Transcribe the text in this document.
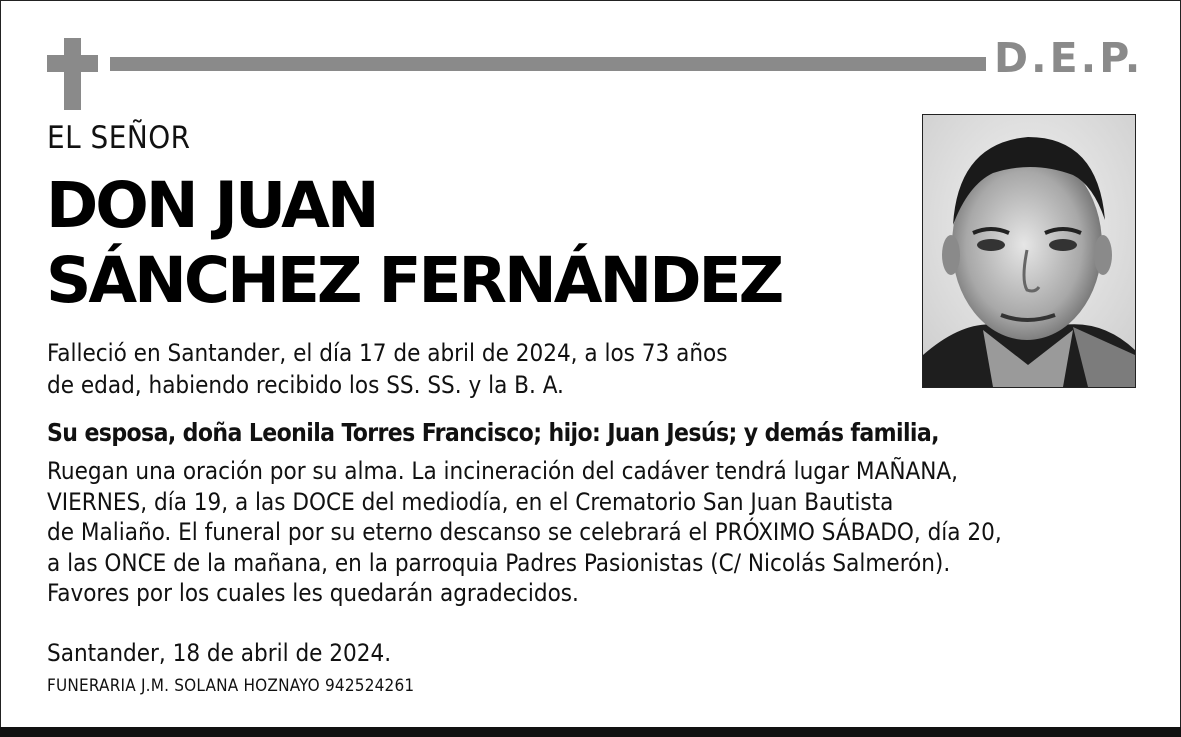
D.E.P.
EL SEÑOR
DON JUAN
SÁNCHEZ FERNÁNDEZ
Falleció en Santander, el día 17 de abril de 2024, a los 73 años
de edad, habiendo recibido los SS. SS. y la B. A.
Su esposa, doña Leonila Torres Francisco; hijo: Juan Jesús; y demás familia,
Ruegan una oración por su alma. La incineración del cadáver tendrá lugar MAÑANA,
VIERNES, día 19, a las DOCE del mediodía, en el Crematorio San Juan Bautista
de Maliaño. El funeral por su eterno descanso se celebrará el PRÓXIMO SÁBADO, día 20,
a las ONCE de la mañana, en la parroquia Padres Pasionistas (C/ Nicolás Salmerón).
Favores por los cuales les quedarán agradecidos.
Santander, 18 de abril de 2024.
FUNERARIA J.M. SOLANA HOZNAYO 942524261
